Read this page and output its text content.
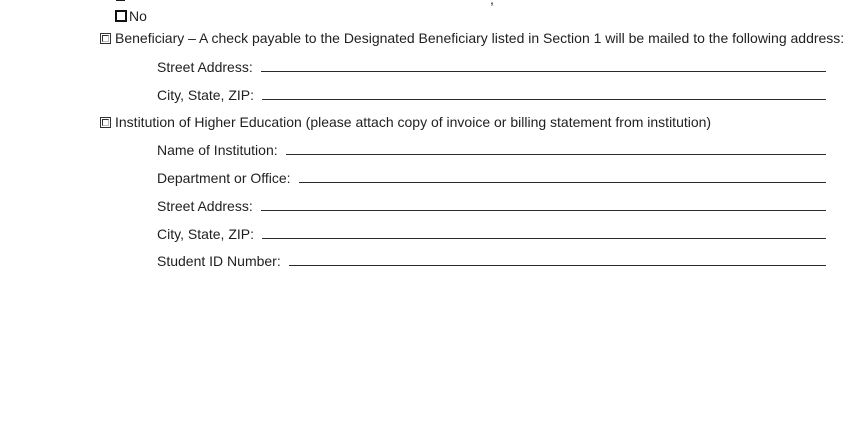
No
Beneficiary – A check payable to the Designated Beneficiary listed in Section 1 will be mailed to the following address:
Street Address:
City, State, ZIP:
Institution of Higher Education (please attach copy of invoice or billing statement from institution)
Name of Institution:
Department or Office:
Street Address:
City, State, ZIP:
Student ID Number:
